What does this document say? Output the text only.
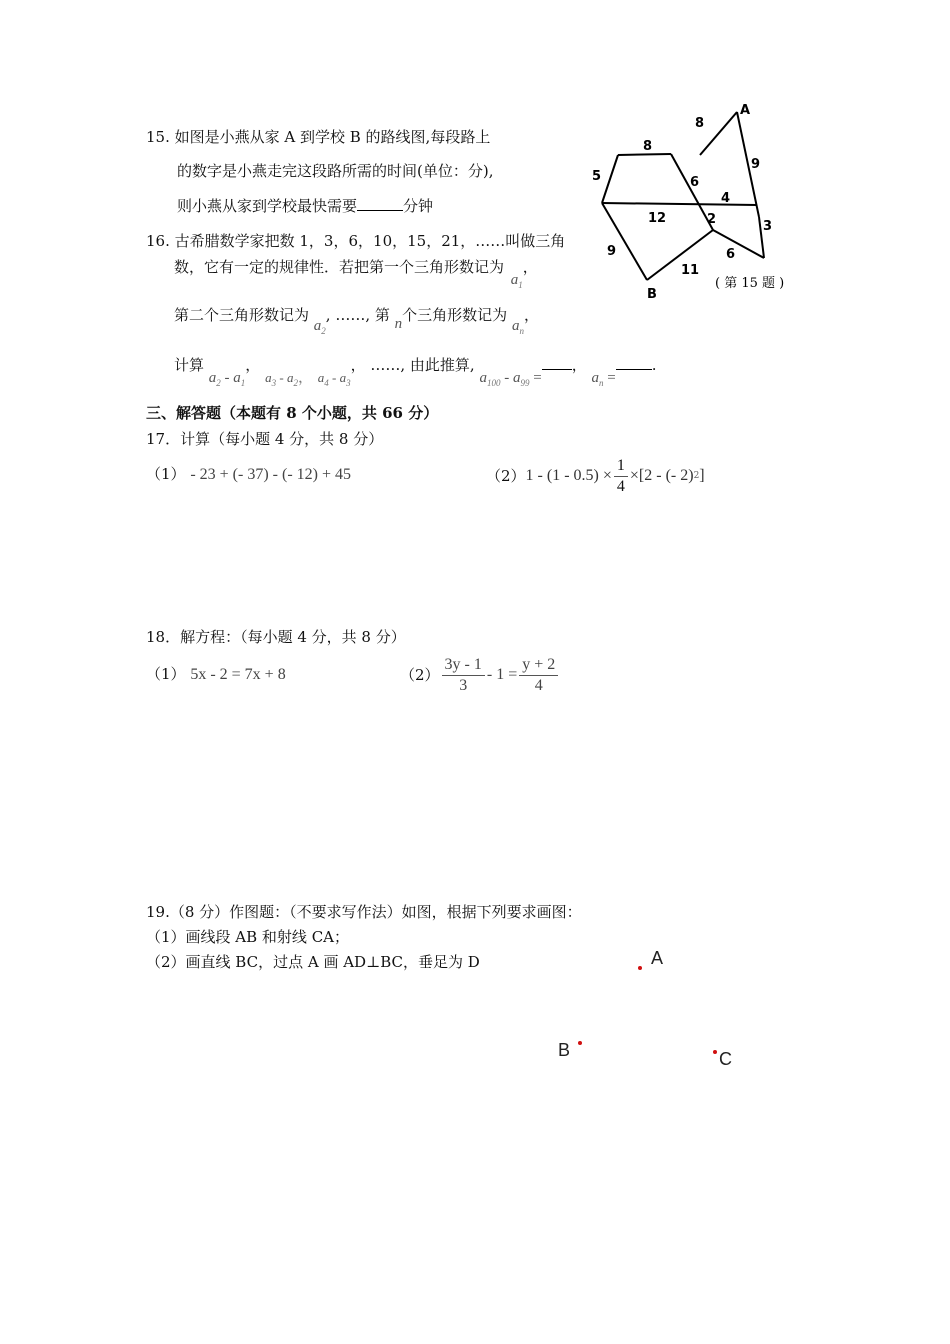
15. 如图是小燕从家 A 到学校 B 的路线图,每段路上
的数字是小燕走完这段路所需的时间(单位：分),
则小燕从家到学校最快需要	分钟
A
8
8
9
5	6
4
12	2	3
9	6
11
B
( 第 15 题 )
16. 古希腊数学家把数 1，3，6，10，15，21，……叫做三角
数，它有一定的规律性．若把第一个三角形数记为 $a_1$，
第二个三角形数记为 $a_2$, ……, 第 n个三角形数记为 $a_n$，
计算 $a_2 - a_1$， $a_3 - a_2$， $a_4 - a_3$， ……, 由此推算, $a_{100} - a_{99}$ =， $a_n$ =.
三、解答题（本题有 8 个小题，共 66 分）
17．计算（每小题 4 分，共 8 分）
（1） - 23 + (- 37) - (- 12) + 45	（2） $1 - (1 - 0.5) \times \frac{1}{4} \times[2$ - (- 2) 2 ]
18．解方程：（每小题 4 分，共 8 分）
（1） 5x - 2 = 7x + 8	$(2) \frac{3y - 1}{3} - 1 = \frac{y + 2}{4}$
19.（8 分）作图题：（不要求写作法）如图，根据下列要求画图：
（1）画线段 AB 和射线 CA；
（2）画直线 BC，过点 A 画 AD⊥BC，垂足为 D	A
B	C
